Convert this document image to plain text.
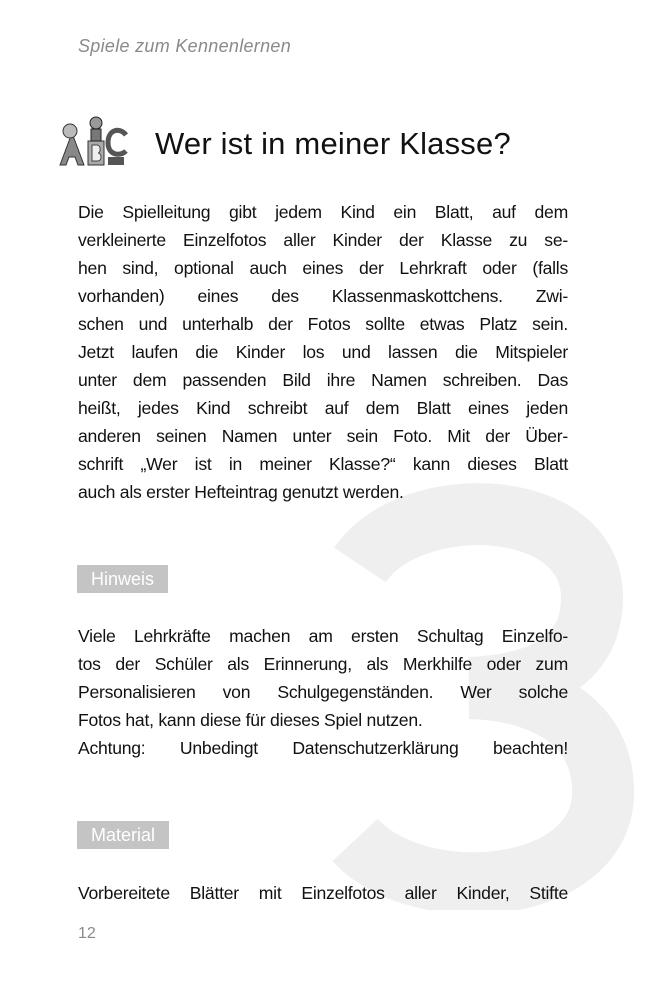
Spiele zum Kennenlernen
Wer ist in meiner Klasse?
Die Spielleitung gibt jedem Kind ein Blatt, auf dem
verkleinerte Einzelfotos aller Kinder der Klasse zu se-
hen sind, optional auch eines der Lehrkraft oder (falls
vorhanden) eines des Klassenmaskottchens. Zwi-
schen und unterhalb der Fotos sollte etwas Platz sein.
Jetzt laufen die Kinder los und lassen die Mitspieler
unter dem passenden Bild ihre Namen schreiben. Das
heißt, jedes Kind schreibt auf dem Blatt eines jeden
anderen seinen Namen unter sein Foto. Mit der Über-
schrift „Wer ist in meiner Klasse?“ kann dieses Blatt
auch als erster Hefteintrag genutzt werden.
Hinweis
Viele Lehrkräfte machen am ersten Schultag Einzelfo-
tos der Schüler als Erinnerung, als Merkhilfe oder zum
Personalisieren von Schulgegenständen. Wer solche
Fotos hat, kann diese für dieses Spiel nutzen.
Achtung: Unbedingt Datenschutzerklärung beachten!
Material
Vorbereitete Blätter mit Einzelfotos aller Kinder, Stifte
12
